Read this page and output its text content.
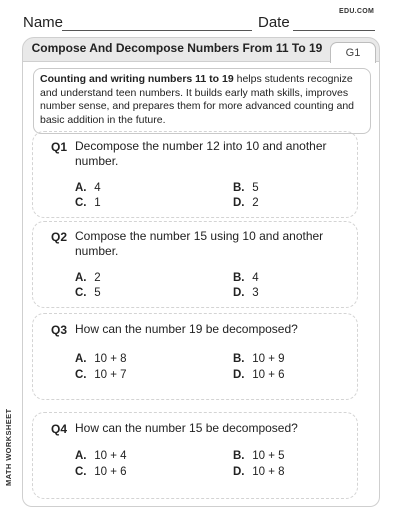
Name	Date
EDU.COM
Compose And Decompose Numbers From 11 To 19	G1
Counting and writing numbers 11 to 19 helps students recognize and understand teen numbers. It builds early math skills, improves number sense, and prepares them for more advanced counting and basic addition in the future.
Q1 Decompose the number 12 into 10 and another number.
A. 4	B. 5
C. 1	D. 2
Q2 Compose the number 15 using 10 and another number.
A. 2	B. 4
C. 5	D. 3
Q3 How can the number 19 be decomposed?
A. 10 + 8	B. 10 + 9
C. 10 + 7	D. 10 + 6
Q4 How can the number 15 be decomposed?
A. 10 + 4	B. 10 + 5
C. 10 + 6	D. 10 + 8
MATH WORKSHEET
